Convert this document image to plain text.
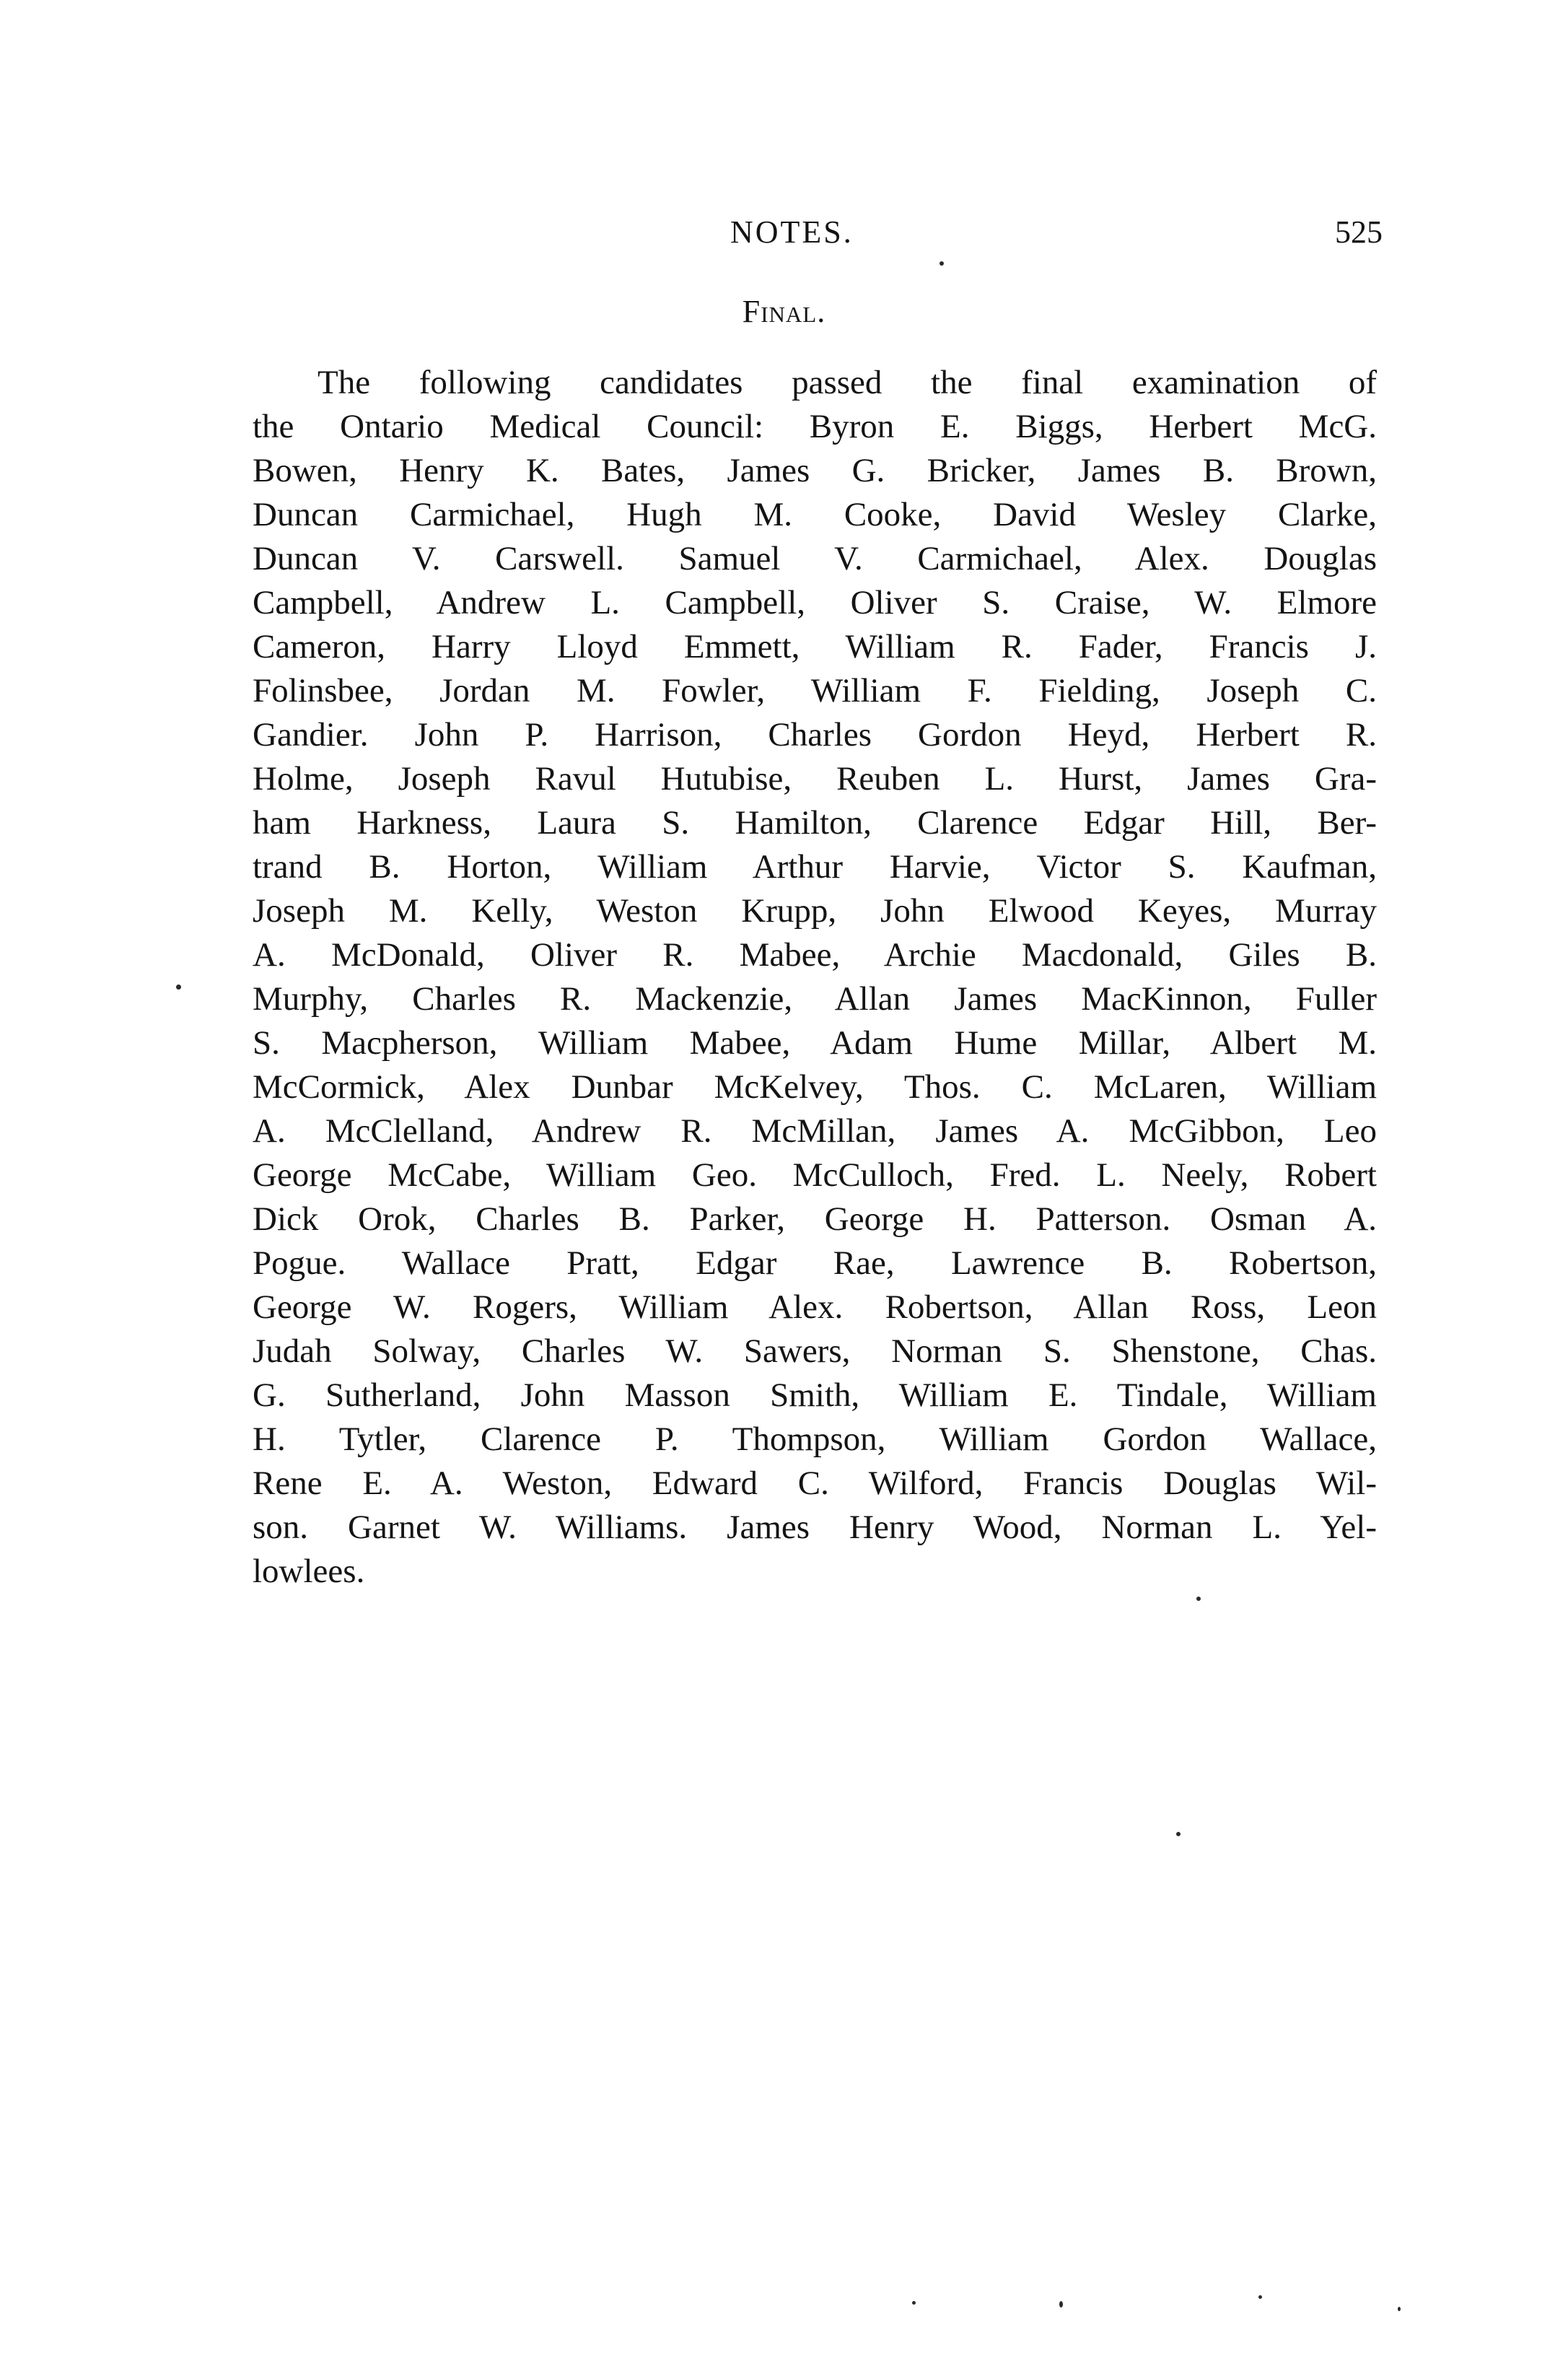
NOTES.	525
Final.
The following candidates passed the final examination of
the Ontario Medical Council: Byron E. Biggs, Herbert McG.
Bowen, Henry K. Bates, James G. Bricker, James B. Brown,
Duncan Carmichael, Hugh M. Cooke, David Wesley Clarke,
Duncan V. Carswell. Samuel V. Carmichael, Alex. Douglas
Campbell, Andrew L. Campbell, Oliver S. Craise, W. Elmore
Cameron, Harry Lloyd Emmett, William R. Fader, Francis J.
Folinsbee, Jordan M. Fowler, William F. Fielding, Joseph C.
Gandier. John P. Harrison, Charles Gordon Heyd, Herbert R.
Holme, Joseph Ravul Hutubise, Reuben L. Hurst, James Gra-
ham Harkness, Laura S. Hamilton, Clarence Edgar Hill, Ber-
trand B. Horton, William Arthur Harvie, Victor S. Kaufman,
Joseph M. Kelly, Weston Krupp, John Elwood Keyes, Murray
A. McDonald, Oliver R. Mabee, Archie Macdonald, Giles B.
Murphy, Charles R. Mackenzie, Allan James MacKinnon, Fuller
S. Macpherson, William Mabee, Adam Hume Millar, Albert M.
McCormick, Alex Dunbar McKelvey, Thos. C. McLaren, William
A. McClelland, Andrew R. McMillan, James A. McGibbon, Leo
George McCabe, William Geo. McCulloch, Fred. L. Neely, Robert
Dick Orok, Charles B. Parker, George H. Patterson. Osman A.
Pogue. Wallace Pratt, Edgar Rae, Lawrence B. Robertson,
George W. Rogers, William Alex. Robertson, Allan Ross, Leon
Judah Solway, Charles W. Sawers, Norman S. Shenstone, Chas.
G. Sutherland, John Masson Smith, William E. Tindale, William
H. Tytler, Clarence P. Thompson, William Gordon Wallace,
Rene E. A. Weston, Edward C. Wilford, Francis Douglas Wil-
son. Garnet W. Williams. James Henry Wood, Norman L. Yel-
lowlees.
